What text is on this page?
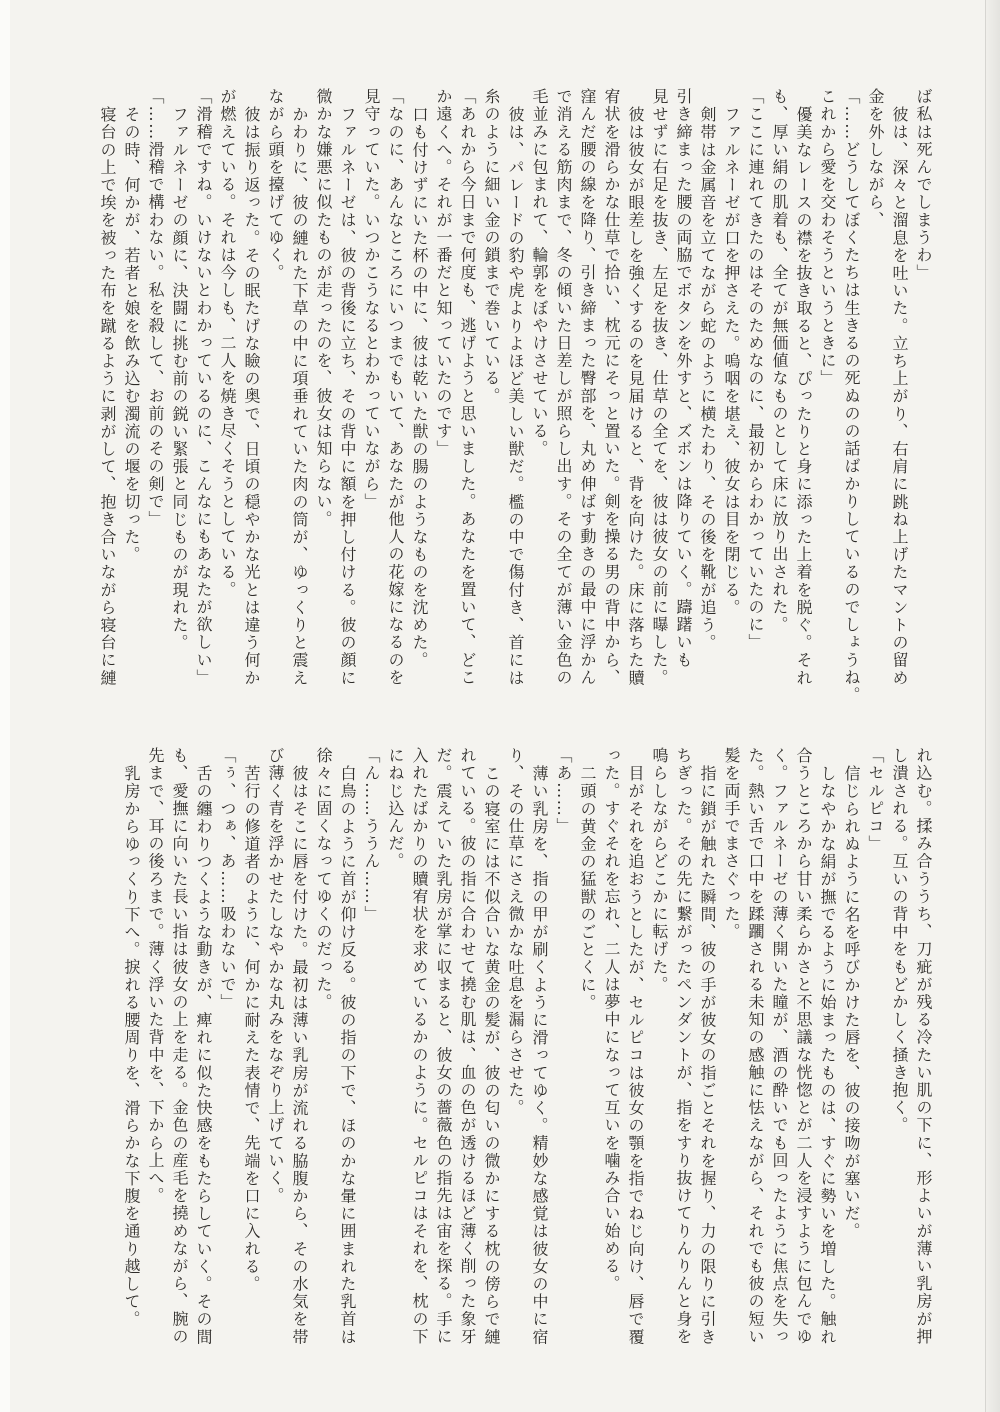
ば私は死んでしまうわ」

彼は、深々と溜息を吐いた。立ち上がり、右肩に跳ね上げたマントの留め

金を外しながら、

「……どうしてぼくたちは生きるの死ぬのの話ばかりしているのでしょうね。

これから愛を交わそうというときに」

優美なレースの襟を抜き取ると、ぴったりと身に添った上着を脱ぐ。それ

も、厚い絹の肌着も、全てが無価値なものとして床に放り出された。

「ここに連れてきたのはそのためなのに、最初からわかっていたのに」

ファルネーゼが口を押さえた。嗚咽を堪え、彼女は目を閉じる。

剣帯は金属音を立てながら蛇のように横たわり、その後を靴が追う。

引き締まった腰の両脇でボタンを外すと、ズボンは降りていく。躊躇いも

見せずに右足を抜き、左足を抜き、仕草の全てを、彼は彼女の前に曝した。

彼は彼女が眼差しを強くするのを見届けると、背を向けた。床に落ちた贖

宥状を滑らかな仕草で拾い、枕元にそっと置いた。剣を操る男の背中から、

窪んだ腰の線を降り、引き締まった臀部を、丸め伸ばす動きの最中に浮かん

で消える筋肉まで、冬の傾いた日差しが照らし出す。その全てが薄い金色の

毛並みに包まれて、輪郭をぼやけさせている。

彼は、パレードの豹や虎よりよほど美しい獣だ。檻の中で傷付き、首には

糸のように細い金の鎖まで巻いている。

「あれから今日まで何度も、逃げようと思いました。あなたを置いて、どこ

か遠くへ。それが一番だと知っていたのです」

口も付けずにいた杯の中に、彼は乾いた獣の腸のようなものを沈めた。

「なのに、あんなところにいつまでもいて、あなたが他人の花嫁になるのを

見守っていた。いつかこうなるとわかっていながら」

ファルネーゼは、彼の背後に立ち、その背中に額を押し付ける。彼の顔に

微かな嫌悪に似たものが走ったのを、彼女は知らない。

かわりに、彼の縺れた下草の中に項垂れていた肉の筒が、ゆっくりと震え

ながら頭を擡げてゆく。

彼は振り返った。その眠たげな瞼の奥で、日頃の穏やかな光とは違う何か

が燃えている。それは今しも、二人を焼き尽くそうとしている。

「滑稽ですね。いけないとわかっているのに、こんなにもあなたが欲しい」

ファルネーゼの顔に、決闘に挑む前の鋭い緊張と同じものが現れた。

「……滑稽で構わない。私を殺して、お前のその剣で」

その時、何かが、若者と娘を飲み込む濁流の堰を切った。

寝台の上で埃を被った布を蹴るように剥がして、抱き合いながら寝台に縺

れ込む。揉み合ううち、刀疵が残る冷たい肌の下に、形よいが薄い乳房が押

し潰される。互いの背中をもどかしく掻き抱く。

「セルピコ」

信じられぬように名を呼びかけた唇を、彼の接吻が塞いだ。

しなやかな絹が撫でるように始まったものは、すぐに勢いを増した。触れ

合うところから甘い柔らかさと不思議な恍惚とが二人を浸すように包んでゆ

く。ファルネーゼの薄く開いた瞳が、酒の酔いでも回ったように焦点を失っ

た。熱い舌で口中を蹂躙される未知の感触に怯えながら、それでも彼の短い

髪を両手でまさぐった。

指に鎖が触れた瞬間、彼の手が彼女の指ごとそれを握り、力の限りに引き

ちぎった。その先に繋がったペンダントが、指をすり抜けてりんりんと身を

鳴らしながらどこかに転げた。

目がそれを追おうとしたが、セルピコは彼女の顎を指でねじ向け、唇で覆

った。すぐそれを忘れ、二人は夢中になって互いを噛み合い始める。

二頭の黄金の猛獣のごとくに。

「あ……」

薄い乳房を、指の甲が刷くように滑ってゆく。精妙な感覚は彼女の中に宿

り、その仕草にさえ微かな吐息を漏らさせた。

この寝室には不似合いな黄金の髪が、彼の匂いの微かにする枕の傍らで縺

れている。彼の指に合わせて撓む肌は、血の色が透けるほど薄く削った象牙

だ。震えていた乳房が掌に収まると、彼女の薔薇色の指先は宙を探る。手に

入れたばかりの贖宥状を求めているかのように。セルピコはそれを、枕の下

にねじ込んだ。

「ん……ううん……」

白鳥のように首が仰け反る。彼の指の下で、ほのかな暈に囲まれた乳首は

徐々に固くなってゆくのだった。

彼はそこに唇を付けた。最初は薄い乳房が流れる脇腹から、その水気を帯

び薄く青を浮かせたしなやかな丸みをなぞり上げていく。

苦行の修道者のように、何かに耐えた表情で、先端を口に入れる。

「ぅ、つぁ、あ……吸わないで」

舌の纏わりつくような動きが、痺れに似た快感をもたらしていく。その間

も、愛撫に向いた長い指は彼女の上を走る。金色の産毛を撓めながら、腕の

先まで、耳の後ろまで。薄く浮いた背中を、下から上へ。

乳房からゆっくり下へ。捩れる腰周りを、滑らかな下腹を通り越して。
